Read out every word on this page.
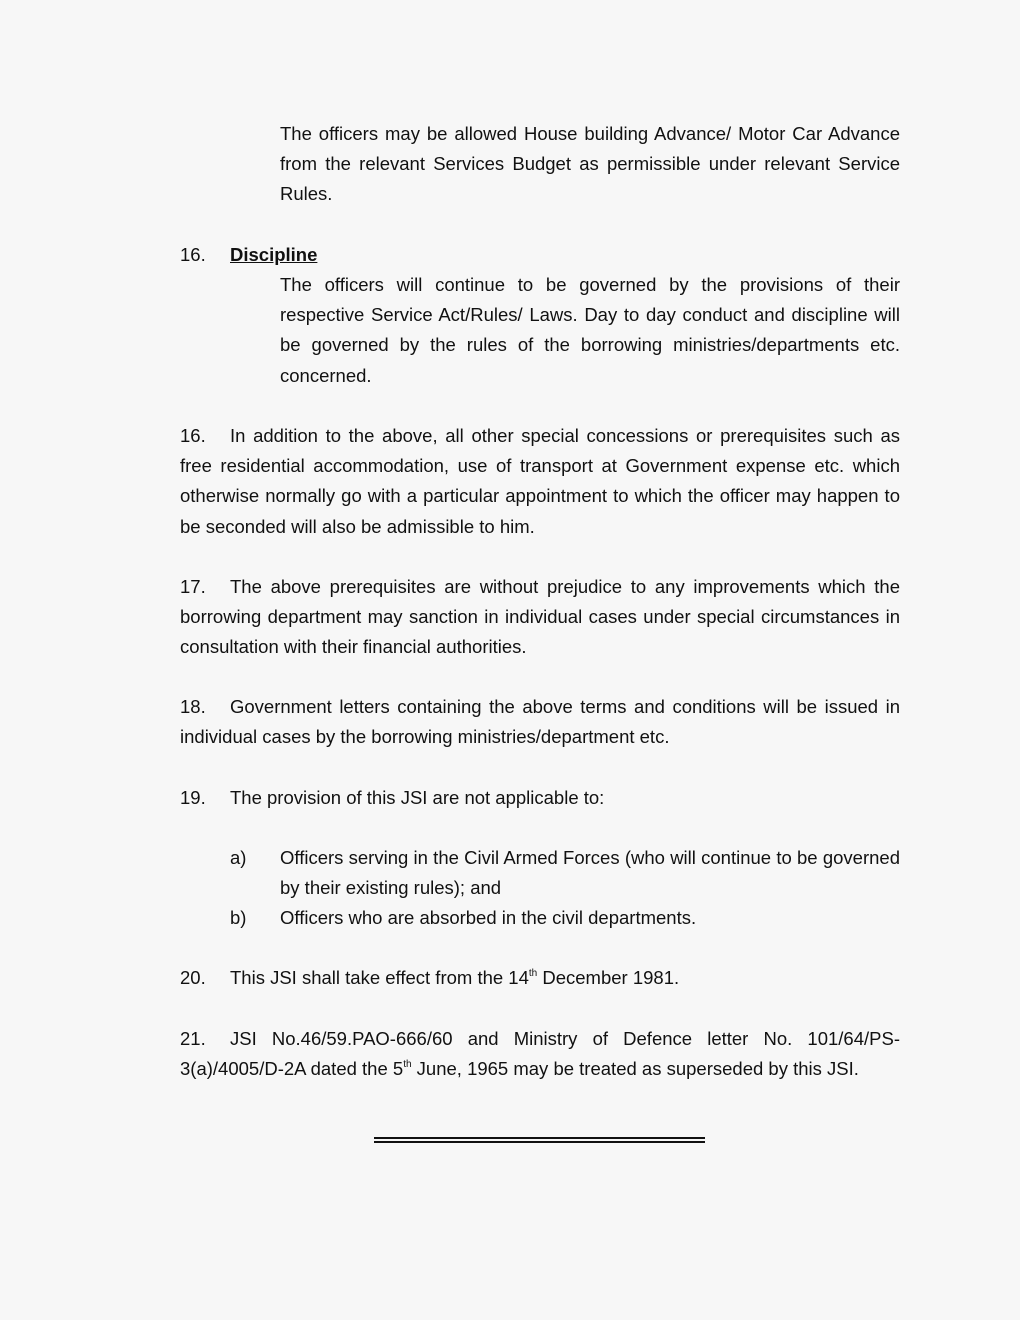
The officers may be allowed House building Advance/ Motor Car Advance from the relevant Services Budget as permissible under relevant Service Rules.
16. Discipline
The officers will continue to be governed by the provisions of their respective Service Act/Rules/ Laws. Day to day conduct and discipline will be governed by the rules of the borrowing ministries/departments etc. concerned.
16. In addition to the above, all other special concessions or prerequisites such as free residential accommodation, use of transport at Government expense etc. which otherwise normally go with a particular appointment to which the officer may happen to be seconded will also be admissible to him.
17. The above prerequisites are without prejudice to any improvements which the borrowing department may sanction in individual cases under special circumstances in consultation with their financial authorities.
18. Government letters containing the above terms and conditions will be issued in individual cases by the borrowing ministries/department etc.
19. The provision of this JSI are not applicable to:
a)	Officers serving in the Civil Armed Forces (who will continue to be governed by their existing rules); and
b)	Officers who are absorbed in the civil departments.
20. This JSI shall take effect from the 14th December 1981.
21. JSI No.46/59.PAO-666/60 and Ministry of Defence letter No. 101/64/PS-3(a)/4005/D-2A dated the 5th June, 1965 may be treated as superseded by this JSI.
